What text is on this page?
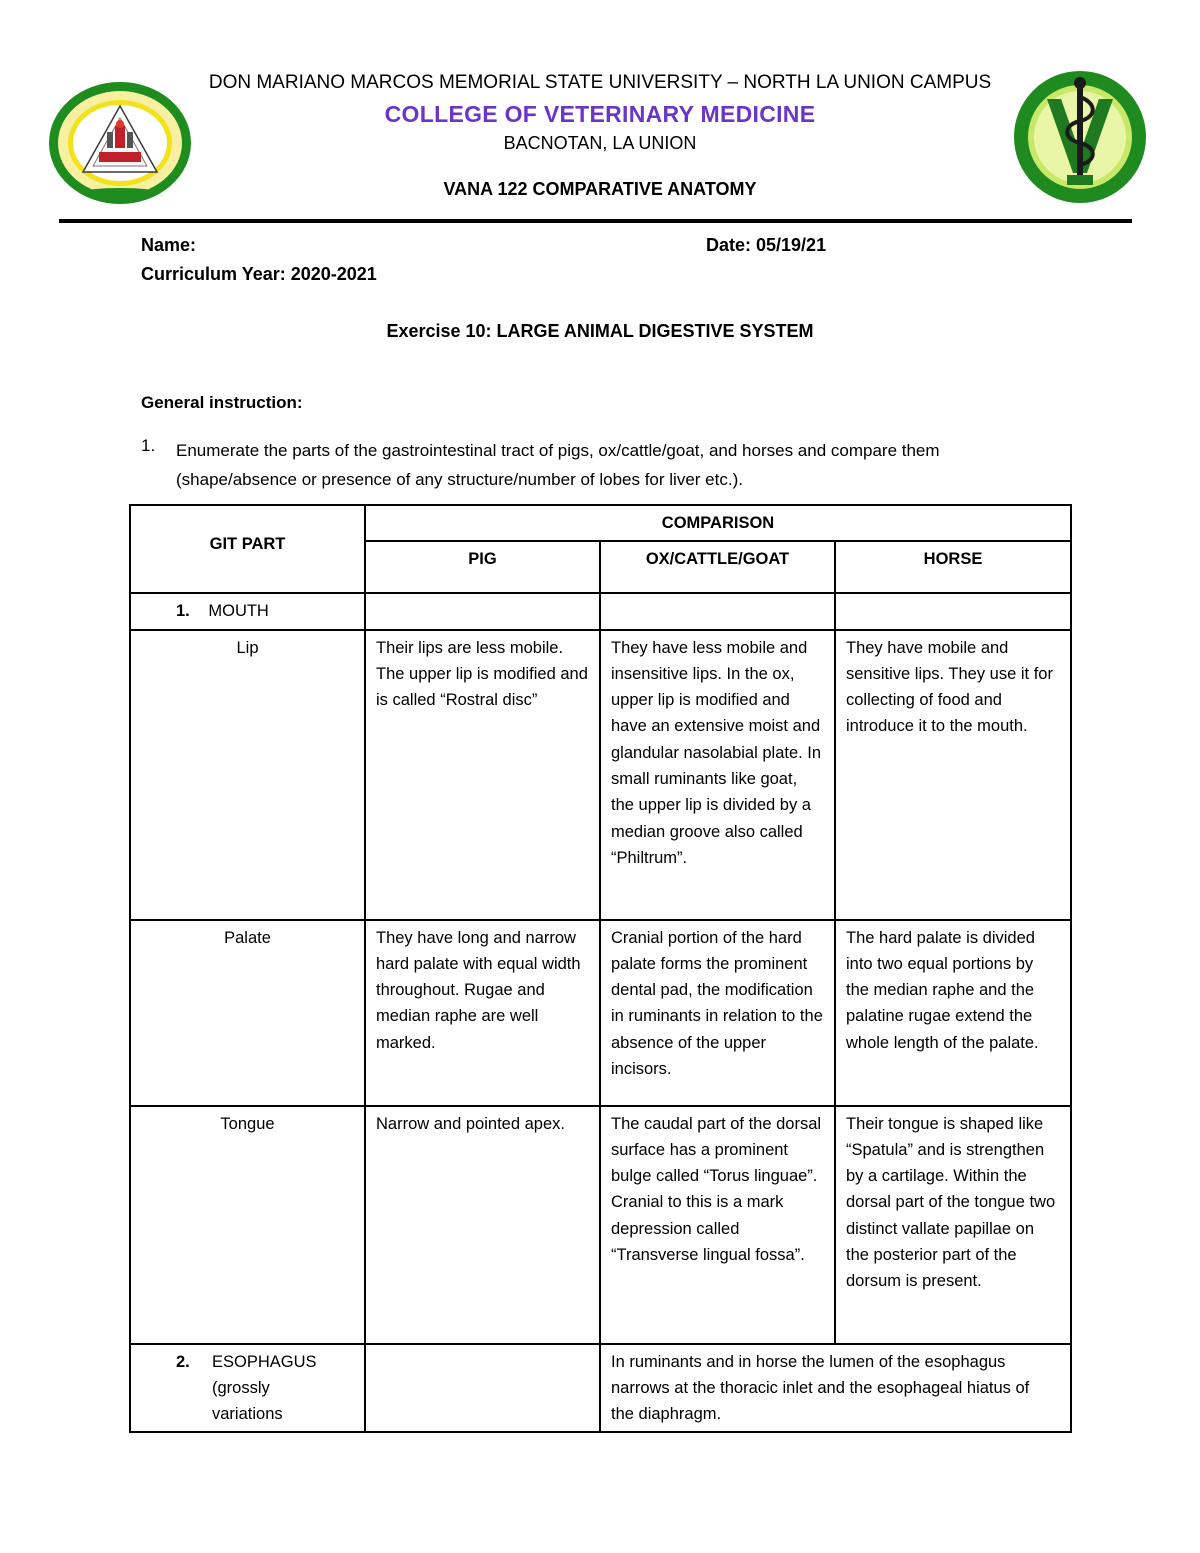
DON MARIANO MARCOS MEMORIAL STATE UNIVERSITY – NORTH LA UNION CAMPUS
COLLEGE OF VETERINARY MEDICINE
BACNOTAN, LA UNION
VANA 122 COMPARATIVE ANATOMY
Name:	Date: 05/19/21
Curriculum Year: 2020-2021
Exercise 10: LARGE ANIMAL DIGESTIVE SYSTEM
General instruction:
1. Enumerate the parts of the gastrointestinal tract of pigs, ox/cattle/goat, and horses and compare them (shape/absence or presence of any structure/number of lobes for liver etc.).
GIT PART	COMPARISON		
	PIG	OX/CATTLE/GOAT	HORSE
1. MOUTH			
Lip	Their lips are less mobile. The upper lip is modified and is called “Rostral disc”	They have less mobile and insensitive lips. In the ox, upper lip is modified and have an extensive moist and glandular nasolabial plate. In small ruminants like goat, the upper lip is divided by a median groove also called “Philtrum”.	They have mobile and sensitive lips. They use it for collecting of food and introduce it to the mouth.
Palate	They have long and narrow hard palate with equal width throughout. Rugae and median raphe are well marked.	Cranial portion of the hard palate forms the prominent dental pad, the modification in ruminants in relation to the absence of the upper incisors.	The hard palate is divided into two equal portions by the median raphe and the palatine rugae extend the whole length of the palate.
Tongue	Narrow and pointed apex.	The caudal part of the dorsal surface has a prominent bulge called “Torus linguae”. Cranial to this is a mark depression called “Transverse lingual fossa”.	Their tongue is shaped like “Spatula” and is strengthen by a cartilage. Within the dorsal part of the tongue two distinct vallate papillae on the posterior part of the dorsum is present.

2. ESOPHAGUS (grossly variations		In ruminants and in horse the lumen of the esophagus narrows at the thoracic inlet and the esophageal hiatus of the diaphragm.	
